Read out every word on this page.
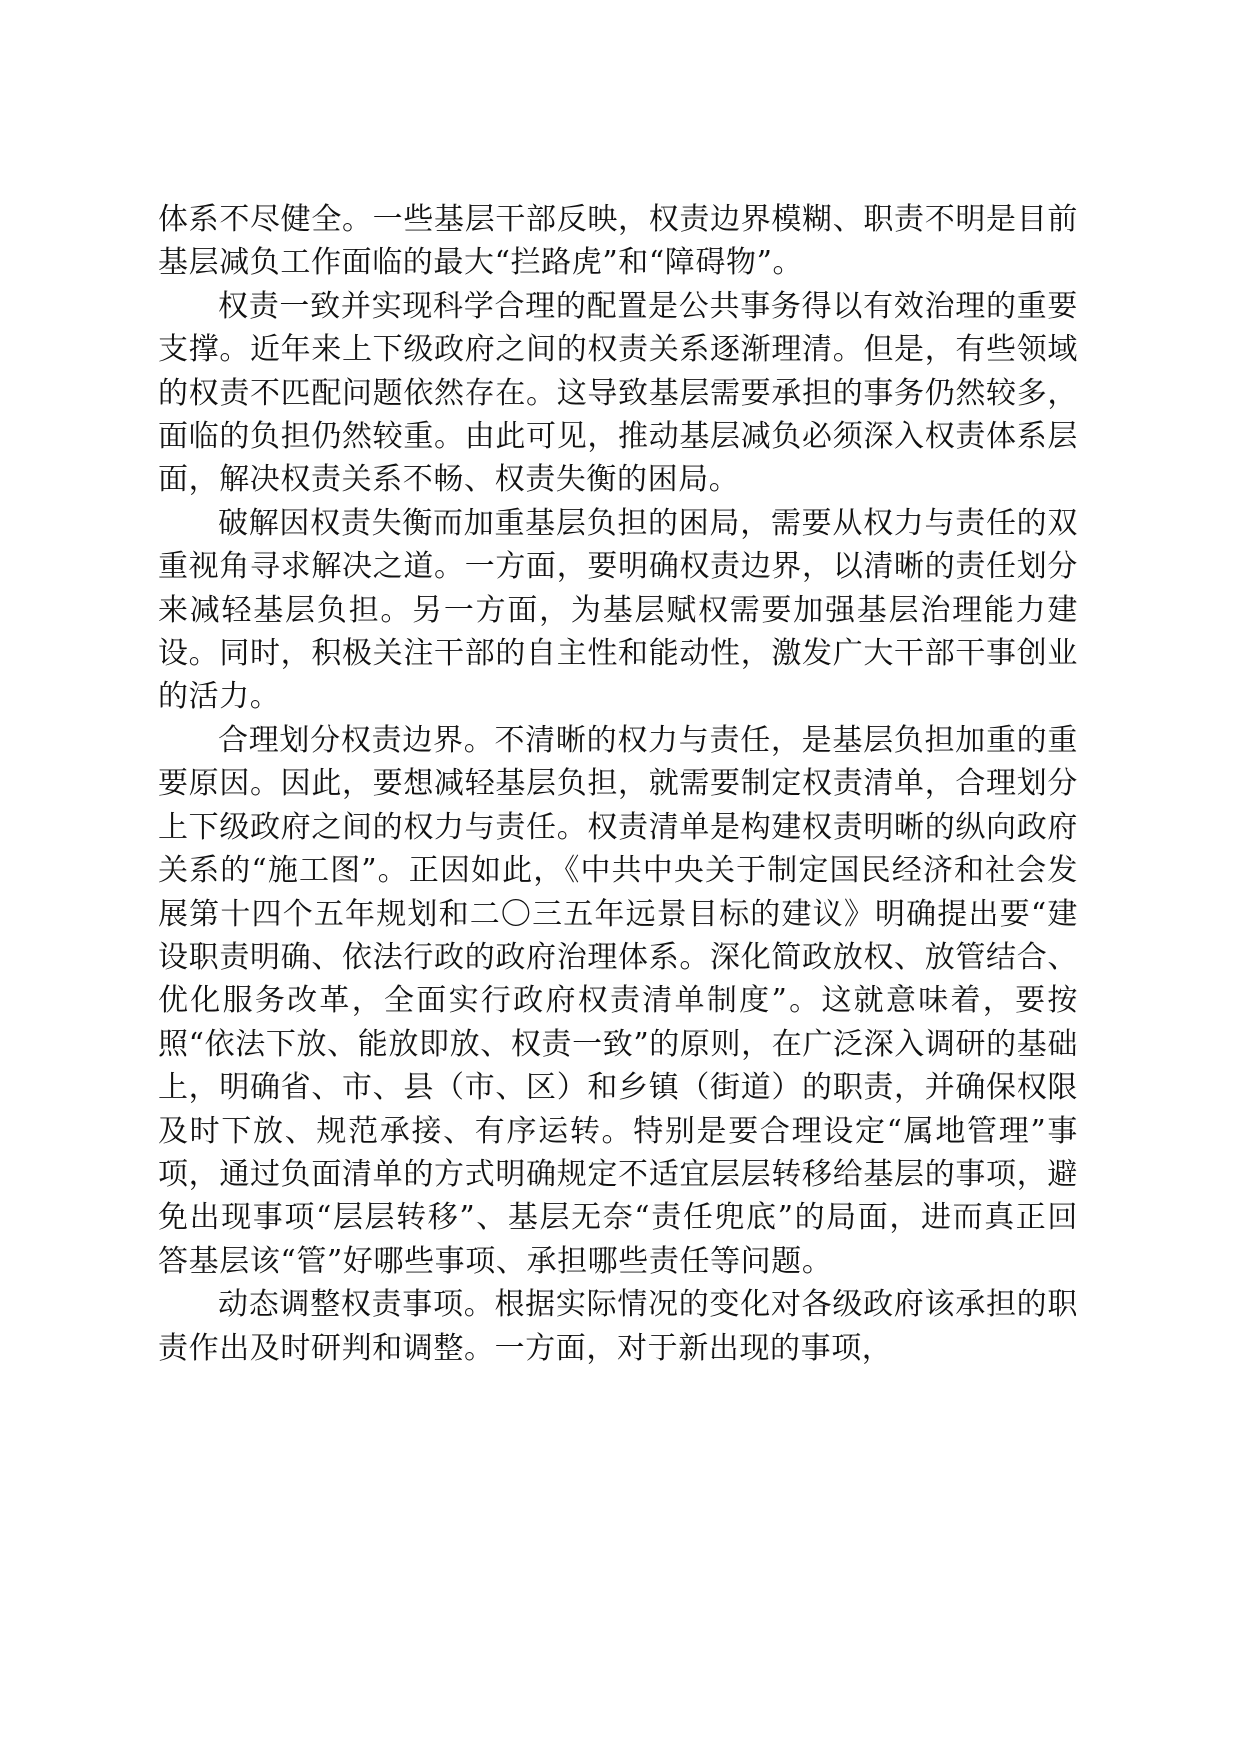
体系不尽健全。一些基层干部反映，权责边界模糊、职责不明是目前基层减负工作面临的最大“拦路虎”和“障碍物”。

权责一致并实现科学合理的配置是公共事务得以有效治理的重要支撑。近年来上下级政府之间的权责关系逐渐理清。但是，有些领域的权责不匹配问题依然存在。这导致基层需要承担的事务仍然较多，面临的负担仍然较重。由此可见，推动基层减负必须深入权责体系层面，解决权责关系不畅、权责失衡的困局。

破解因权责失衡而加重基层负担的困局，需要从权力与责任的双重视角寻求解决之道。一方面，要明确权责边界，以清晰的责任划分来减轻基层负担。另一方面，为基层赋权需要加强基层治理能力建设。同时，积极关注干部的自主性和能动性，激发广大干部干事创业的活力。

合理划分权责边界。不清晰的权力与责任，是基层负担加重的重要原因。因此，要想减轻基层负担，就需要制定权责清单，合理划分上下级政府之间的权力与责任。权责清单是构建权责明晰的纵向政府关系的“施工图”。正因如此，《中共中央关于制定国民经济和社会发展第十四个五年规划和二〇三五年远景目标的建议》明确提出要“建设职责明确、依法行政的政府治理体系。深化简政放权、放管结合、优化服务改革，全面实行政府权责清单制度”。这就意味着，要按照“依法下放、能放即放、权责一致”的原则，在广泛深入调研的基础上，明确省、市、县（市、区）和乡镇（街道）的职责，并确保权限及时下放、规范承接、有序运转。特别是要合理设定“属地管理”事项，通过负面清单的方式明确规定不适宜层层转移给基层的事项，避免出现事项“层层转移”、基层无奈“责任兜底”的局面，进而真正回答基层该“管”好哪些事项、承担哪些责任等问题。

动态调整权责事项。根据实际情况的变化对各级政府该承担的职责作出及时研判和调整。一方面，对于新出现的事项，
